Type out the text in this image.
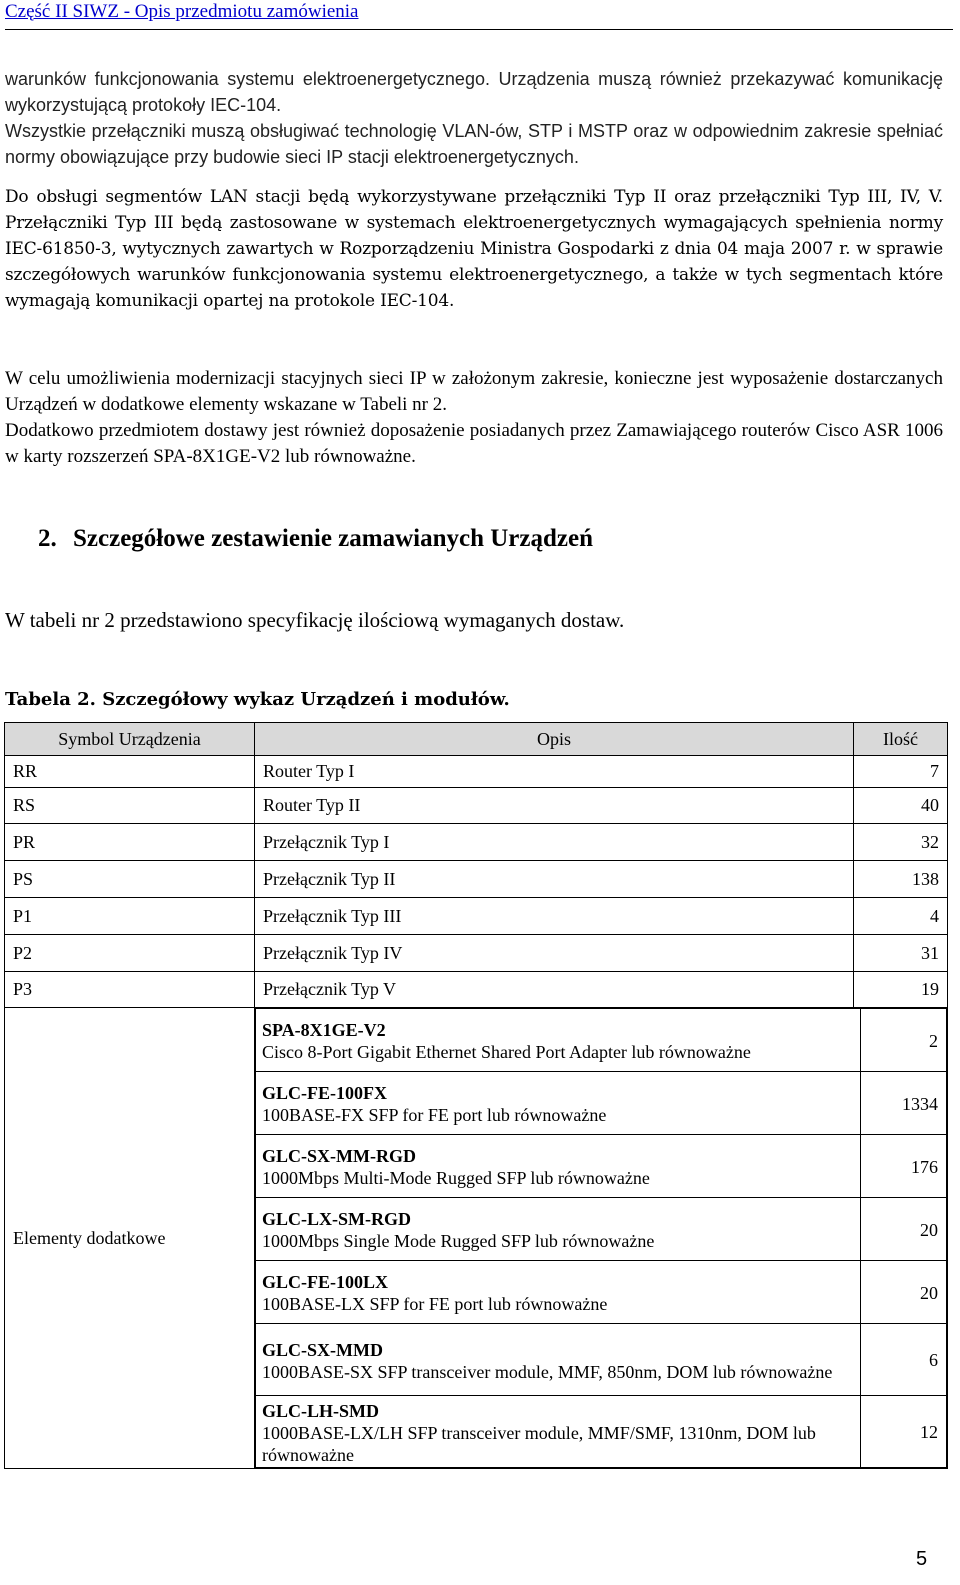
Część II SIWZ - Opis przedmiotu zamówienia

warunków funkcjonowania systemu elektroenergetycznego. Urządzenia muszą również przekazywać komunikację wykorzystującą protokoły IEC-104.

Wszystkie przełączniki muszą obsługiwać technologię VLAN-ów, STP i MSTP oraz w odpowiednim zakresie spełniać normy obowiązujące przy budowie sieci IP stacji elektroenergetycznych.

Do obsługi segmentów LAN stacji będą wykorzystywane przełączniki Typ II oraz przełączniki Typ III, IV, V. Przełączniki Typ III będą zastosowane w systemach elektroenergetycznych wymagających spełnienia normy IEC-61850-3, wytycznych zawartych w Rozporządzeniu Ministra Gospodarki z dnia 04 maja 2007 r. w sprawie szczegółowych warunków funkcjonowania systemu elektroenergetycznego, a także w tych segmentach które wymagają komunikacji opartej na protokole IEC-104.

W celu umożliwienia modernizacji stacyjnych sieci IP w założonym zakresie, konieczne jest wyposażenie dostarczanych Urządzeń w dodatkowe elementy wskazane w Tabeli nr 2.

Dodatkowo przedmiotem dostawy jest również doposażenie posiadanych przez Zamawiającego routerów Cisco ASR 1006 w karty rozszerzeń SPA-8X1GE-V2 lub równoważne.

2. Szczegółowe zestawienie zamawianych Urządzeń

W tabeli nr 2 przedstawiono specyfikację ilościową wymaganych dostaw.

Tabela 2. Szczegółowy wykaz Urządzeń i modułów.

Symbol Urządzenia	Opis	Ilość
RR	Router Typ I	7
RS	Router Typ II	40
PR	Przełącznik Typ I	32
PS	Przełącznik Typ II	138
P1	Przełącznik Typ III	4
P2	Przełącznik Typ IV	31
P3	Przełącznik Typ V	19
Elementy dodatkowe	
SPA-8X1GE-V2
Cisco 8-Port Gigabit Ethernet Shared Port Adapter lub równoważne
	2

GLC-FE-100FX
100BASE-FX SFP for FE port lub równoważne
	1334

GLC-SX-MM-RGD
1000Mbps Multi-Mode Rugged SFP lub równoważne
	176

GLC-LX-SM-RGD
1000Mbps Single Mode Rugged SFP lub równoważne
	20

GLC-FE-100LX
100BASE-LX SFP for FE port lub równoważne
	20

GLC-SX-MMD
1000BASE-SX SFP transceiver module, MMF, 850nm, DOM lub równoważne
	6

GLC-LH-SMD
1000BASE-LX/LH SFP transceiver module, MMF/SMF, 1310nm, DOM lub równoważne
	12
5
